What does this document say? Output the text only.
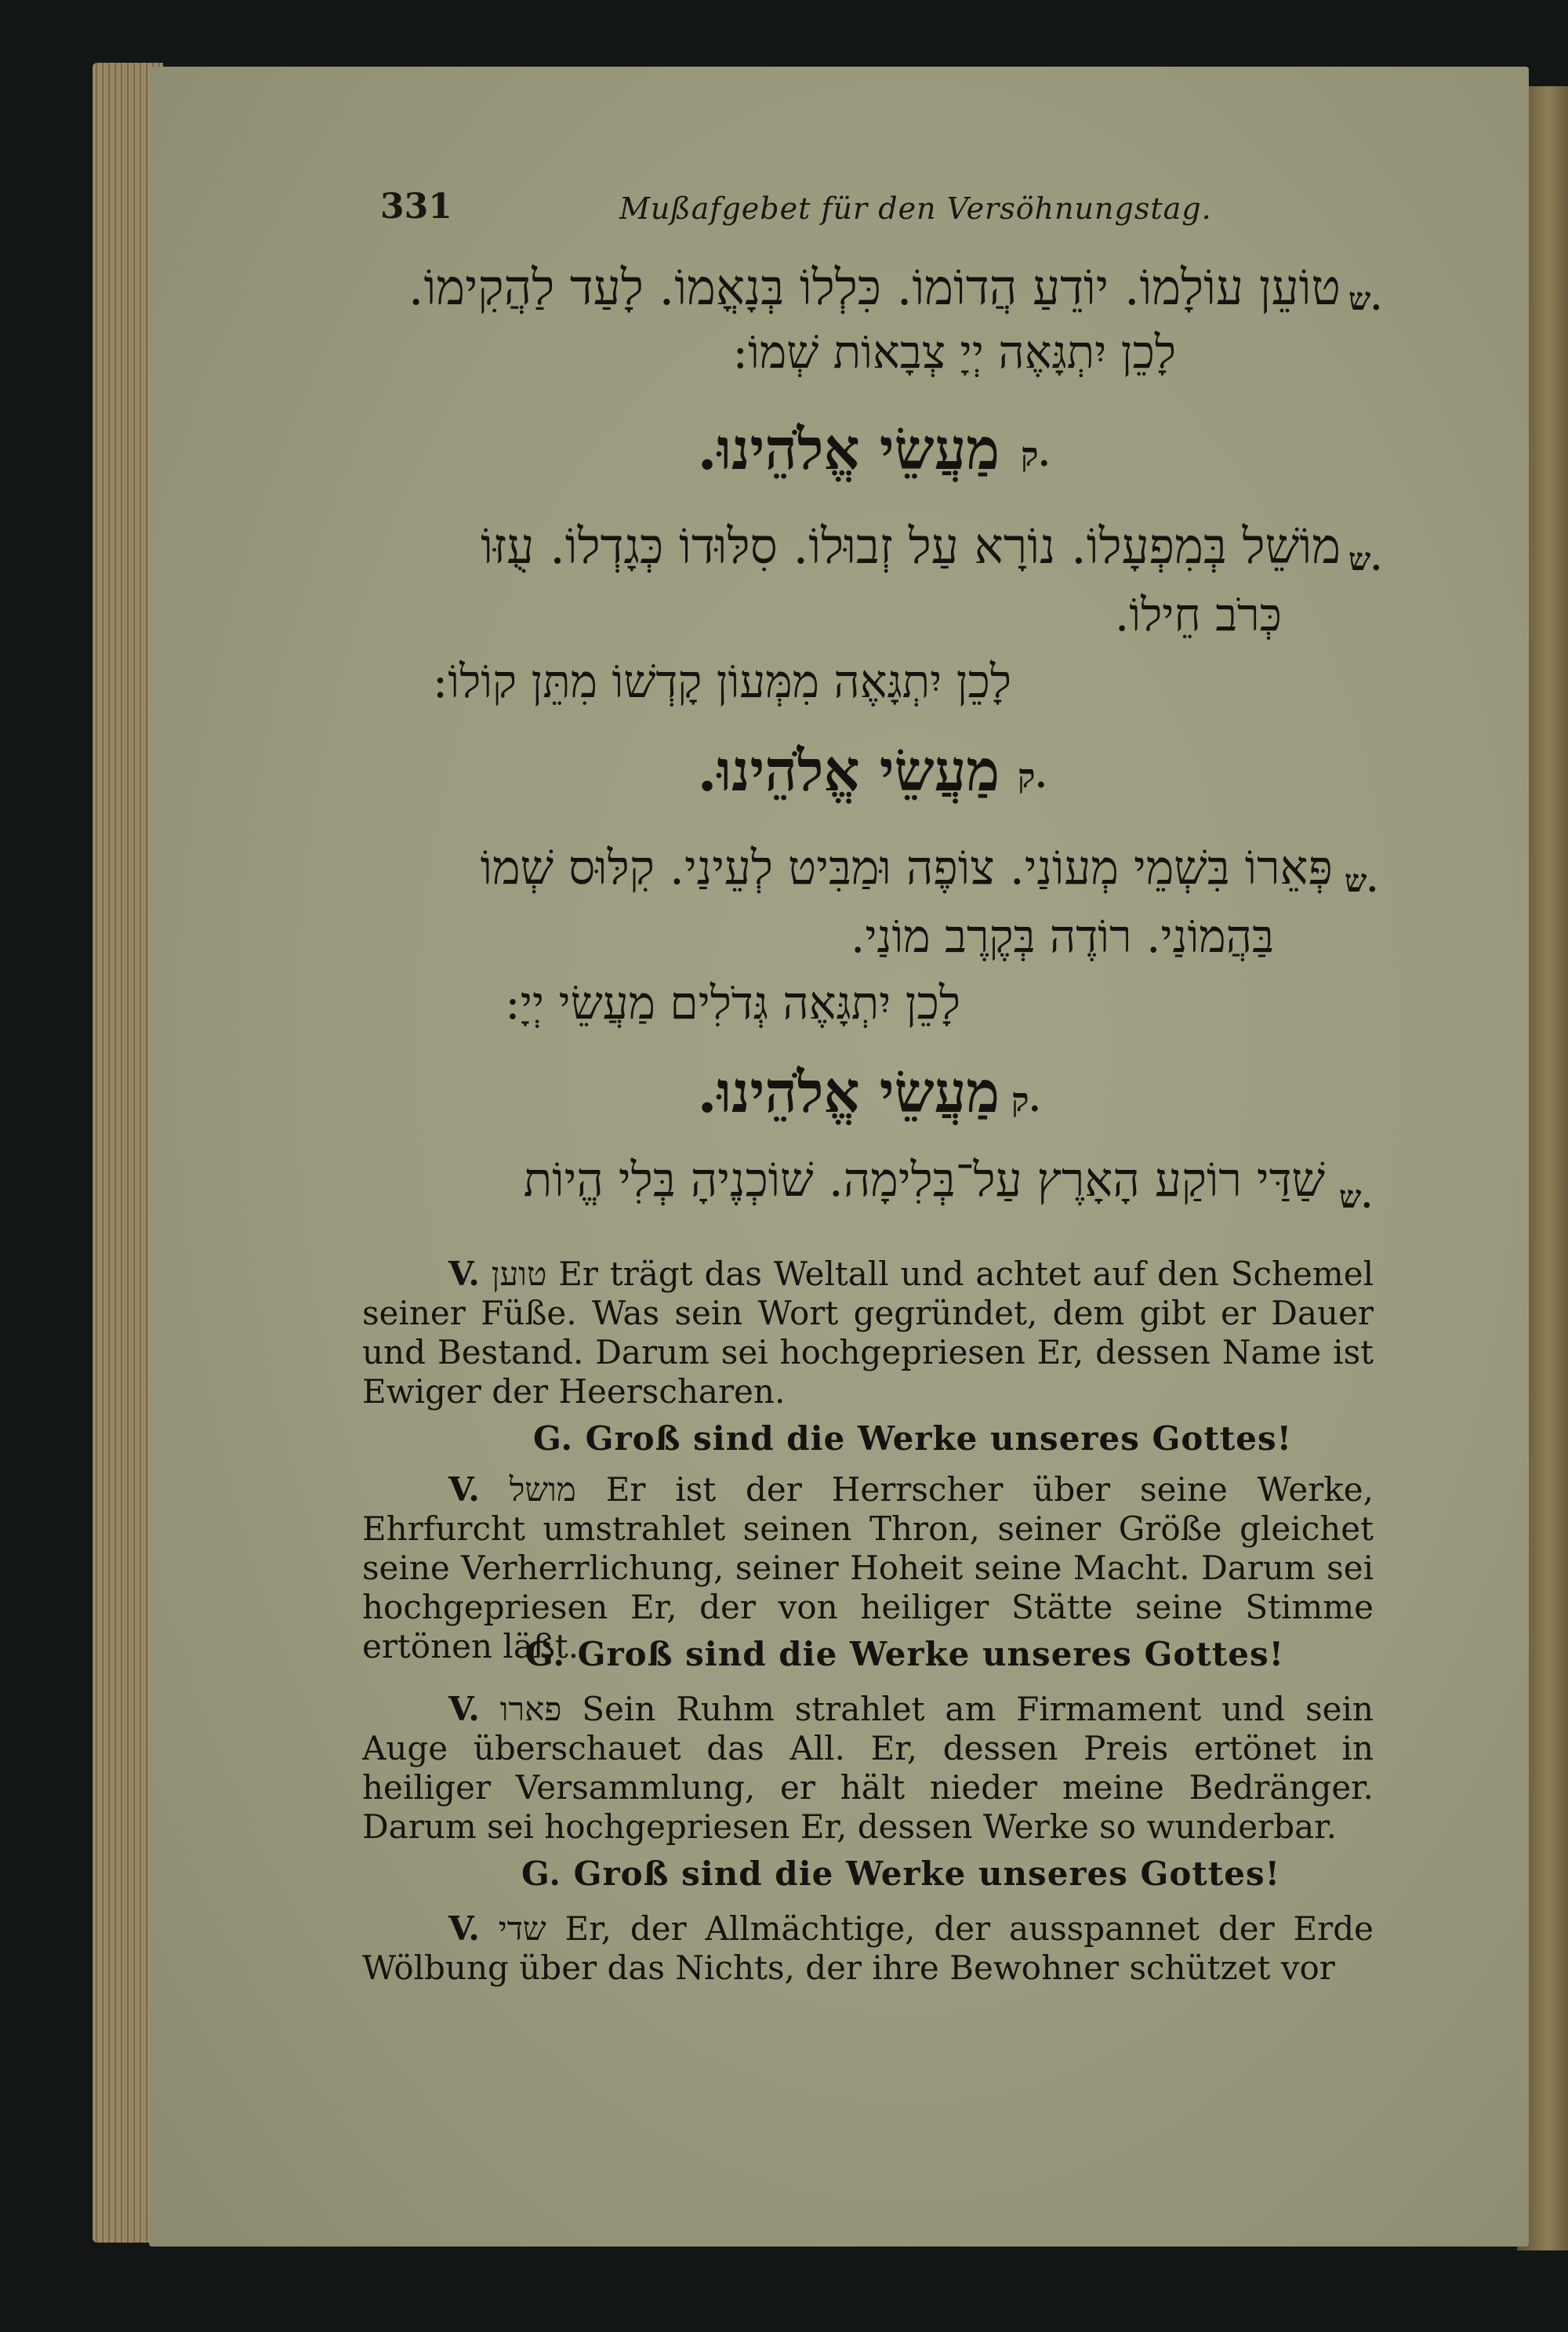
331	Mußafgebet für den Versöhnungstag.
ש.
טוֹעֵן עוֹלָמוֹ. יוֹדֵעַ הֲדוֹמוֹ. כִּלְלוֹ בְּנָאֳמוֹ. לָעַד לַהֲקִימוֹ.
לָכֵן יִתְגָּאֶה יְיָ צְבָאוֹת שְׁמוֹ:
ק.
מַעֲשֵׂי אֱלֹהֵינוּ.
ש.
מוֹשֵׁל בְּמִפְעָלוֹ. נוֹרָא עַל זְבוּלוֹ. סִלּוּדוֹ כְּגָדְלוֹ. עֻזּוֹ
כְּרֹב חֵילוֹ.
לָכֵן יִתְגָּאֶה מִמְּעוֹן קָדְשׁוֹ מִתֵּן קוֹלוֹ:
ק.
מַעֲשֵׂי אֱלֹהֵינוּ.
ש.
פְּאֵרוֹ בִּשְׁמֵי מְעוֹנַי. צוֹפֶה וּמַבִּיט לְעֵינַי. קִלּוּס שְׁמוֹ
בַּהֲמוֹנַי. רוֹדֶה בְּקֶרֶב מוֹנַי.
לָכֵן יִתְגָּאֶה גְּדֹלִים מַעֲשֵׂי יְיָ:
ק.
מַעֲשֵׂי אֱלֹהֵינוּ.
ש.
שַׁדַּי רוֹקַע הָאָרֶץ עַל־בְּלִימָה. שׁוֹכְנֶיהָ בְּלִי הֱיוֹת
V. טוען Er trägt das Weltall und achtet auf den Schemel seiner Füße. Was sein Wort gegründet, dem gibt er Dauer und Bestand. Darum sei hochgepriesen Er, dessen Name ist Ewiger der Heerscharen.
G. Groß sind die Werke unseres Gottes!
V. מושל Er ist der Herrscher über seine Werke, Ehrfurcht umstrahlet seinen Thron, seiner Größe gleichet seine Verherrlichung, seiner Hoheit seine Macht. Darum sei hochgepriesen Er, der von heiliger Stätte seine Stimme ertönen läßt.
G. Groß sind die Werke unseres Gottes!
V. פארו Sein Ruhm strahlet am Firmament und sein Auge überschauet das All. Er, dessen Preis ertönet in heiliger Versammlung, er hält nieder meine Bedränger. Darum sei hochgepriesen Er, dessen Werke so wunderbar.
G. Groß sind die Werke unseres Gottes!
V. שדי Er, der Allmächtige, der ausspannet der Erde Wölbung über das Nichts, der ihre Bewohner schützet vor
